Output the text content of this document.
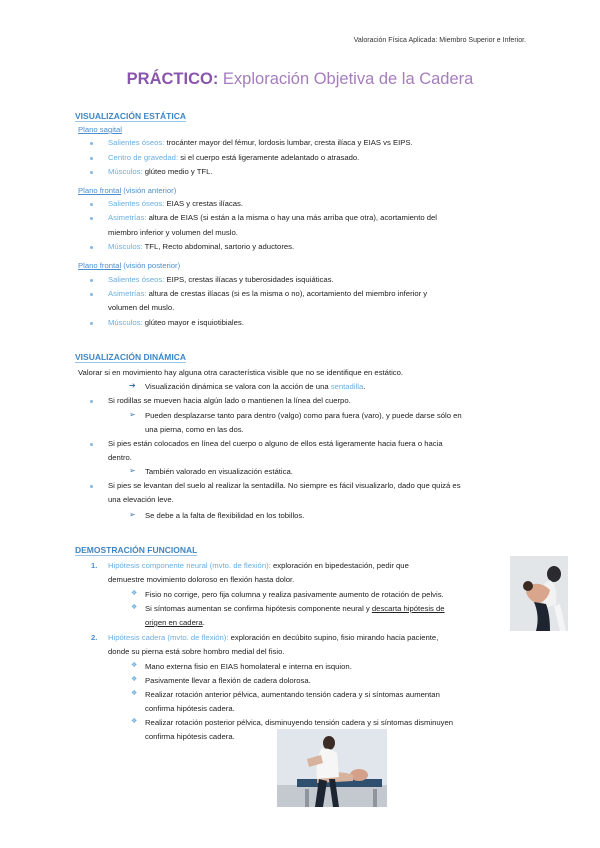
Valoración Física Aplicada: Miembro Superior e Inferior.
PRÁCTICO: Exploración Objetiva de la Cadera
VISUALIZACIÓN ESTÁTICA
Plano sagital
Salientes óseos: trocánter mayor del fémur, lordosis lumbar, cresta ilíaca y EIAS vs EIPS.
Centro de gravedad: si el cuerpo está ligeramente adelantado o atrasado.
Músculos: glúteo medio y TFL.
Plano frontal (visión anterior)
Salientes óseos: EIAS y crestas ilíacas.
Asimetrías: altura de EIAS (si están a la misma o hay una más arriba que otra), acortamiento del
miembro inferior y volumen del muslo.
Músculos: TFL, Recto abdominal, sartorio y aductores.
Plano frontal (visión posterior)
Salientes óseos: EIPS, crestas ilíacas y tuberosidades isquiáticas.
Asimetrías: altura de crestas ilíacas (si es la misma o no), acortamiento del miembro inferior y
volumen del muslo.
Músculos: glúteo mayor e isquiotibiales.
VISUALIZACIÓN DINÁMICA
Valorar si en movimiento hay alguna otra característica visible que no se identifique en estático.
➔ Visualización dinámica se valora con la acción de una sentadilla.
Si rodillas se mueven hacia algún lado o mantienen la línea del cuerpo.
➢ Pueden desplazarse tanto para dentro (valgo) como para fuera (varo), y puede darse sólo en
una pierna, como en las dos.
Si pies están colocados en línea del cuerpo o alguno de ellos está ligeramente hacia fuera o hacia
dentro.
➢ También valorado en visualización estática.
Si pies se levantan del suelo al realizar la sentadilla. No siempre es fácil visualizarlo, dado que quizá es
una elevación leve.
➢ Se debe a la falta de flexibilidad en los tobillos.
DEMOSTRACIÓN FUNCIONAL
1. Hipótesis componente neural (mvto. de flexión): exploración en bipedestación, pedir que
demuestre movimiento doloroso en flexión hasta dolor.
❖ Fisio no corrige, pero fija columna y realiza pasivamente aumento de rotación de pelvis.
❖ Si síntomas aumentan se confirma hipótesis componente neural y descarta hipótesis de
origen en cadera.
2. Hipótesis cadera (mvto. de flexión): exploración en decúbito supino, fisio mirando hacia paciente,
donde su pierna está sobre hombro medial del fisio.
❖ Mano externa fisio en EIAS homolateral e interna en isquion.
❖ Pasivamente llevar a flexión de cadera dolorosa.
❖ Realizar rotación anterior pélvica, aumentando tensión cadera y si síntomas aumentan
confirma hipótesis cadera.
❖ Realizar rotación posterior pélvica, disminuyendo tensión cadera y si síntomas disminuyen
confirma hipótesis cadera.
